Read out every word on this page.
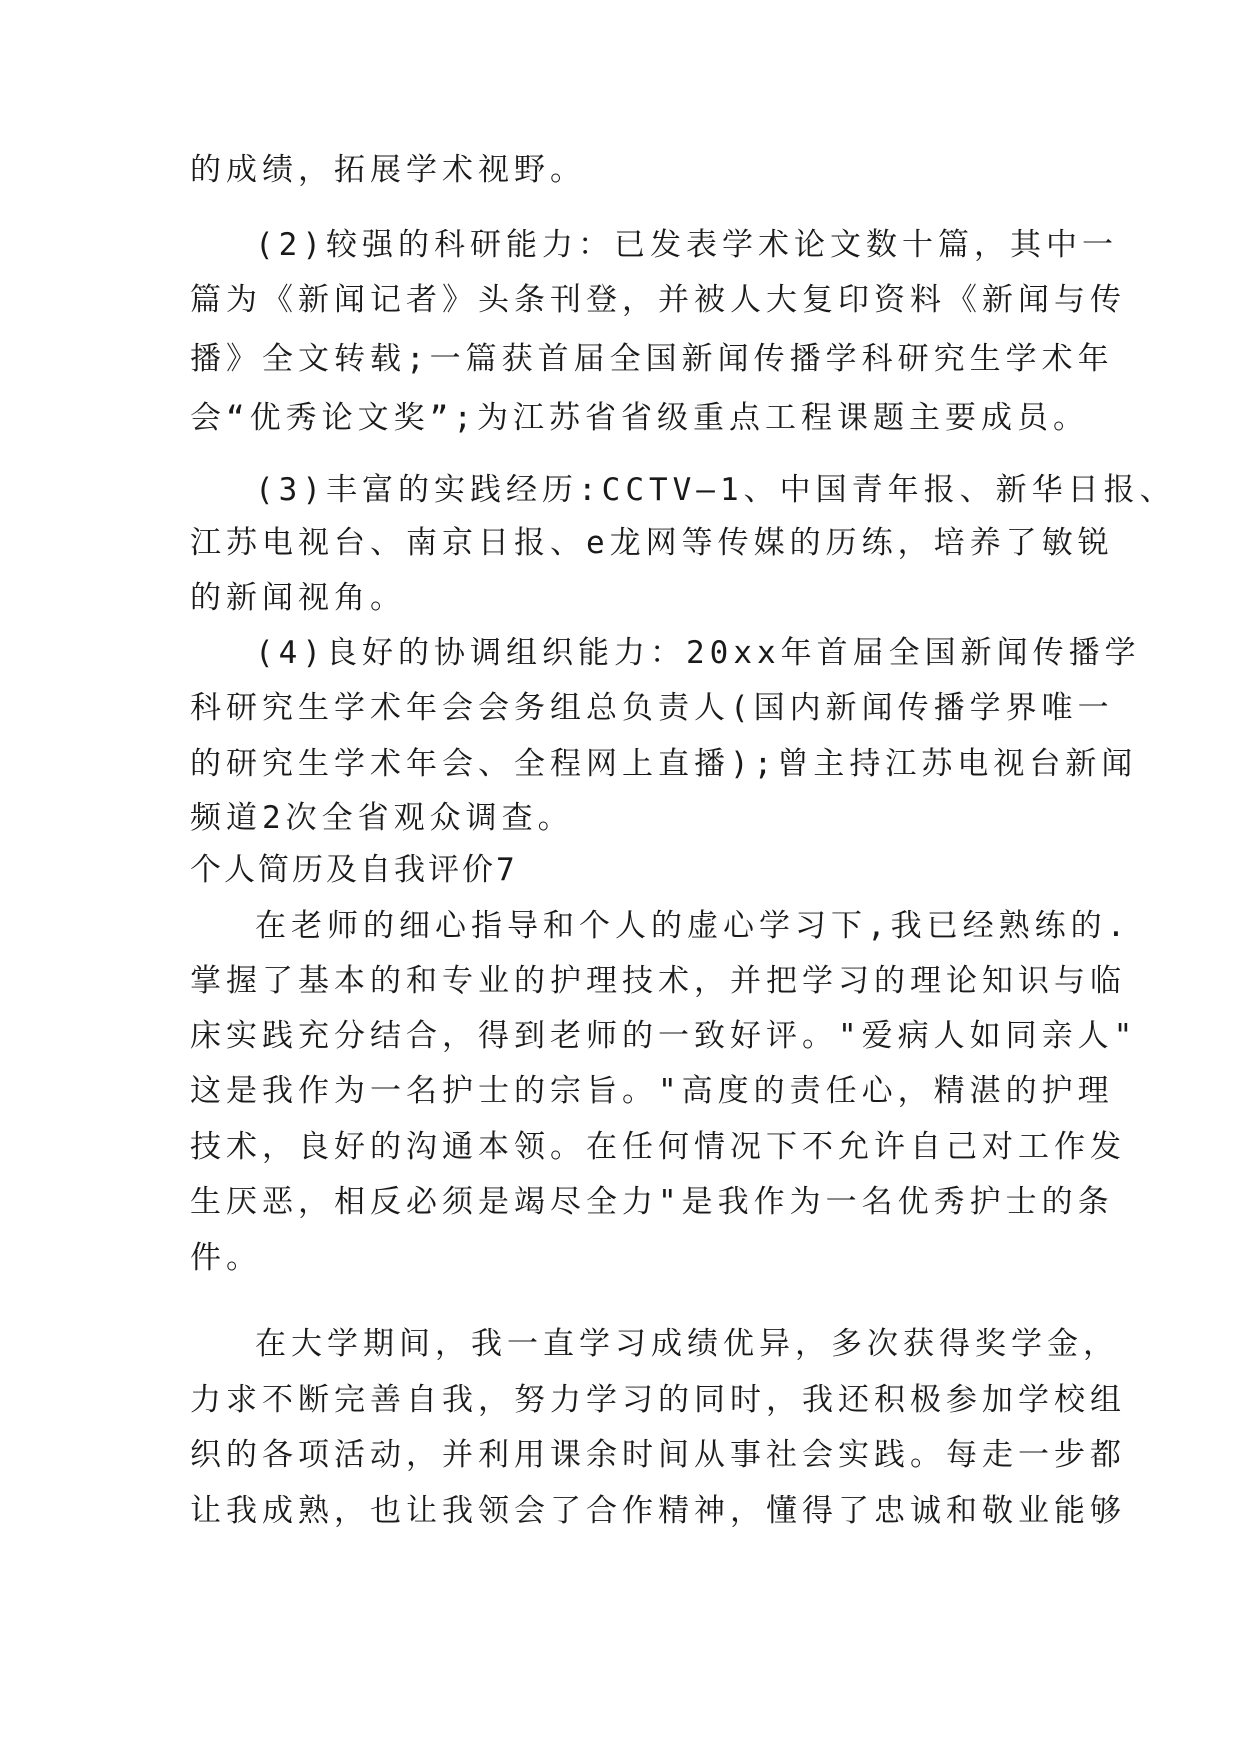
的成绩，拓展学术视野。
(2)较强的科研能力：已发表学术论文数十篇，其中一
篇为《新闻记者》头条刊登，并被人大复印资料《新闻与传
播》全文转载;一篇获首届全国新闻传播学科研究生学术年
会“优秀论文奖”;为江苏省省级重点工程课题主要成员。
(3)丰富的实践经历:CCTV—1、中国青年报、新华日报、
江苏电视台、南京日报、e龙网等传媒的历练，培养了敏锐
的新闻视角。
(4)良好的协调组织能力：20xx年首届全国新闻传播学
科研究生学术年会会务组总负责人(国内新闻传播学界唯一
的研究生学术年会、全程网上直播);曾主持江苏电视台新闻
频道2次全省观众调查。
个人简历及自我评价7
在老师的细心指导和个人的虚心学习下,我已经熟练的.
掌握了基本的和专业的护理技术，并把学习的理论知识与临
床实践充分结合，得到老师的一致好评。"爱病人如同亲人"
这是我作为一名护士的宗旨。"高度的责任心，精湛的护理
技术，良好的沟通本领。在任何情况下不允许自己对工作发
生厌恶，相反必须是竭尽全力"是我作为一名优秀护士的条
件。
在大学期间，我一直学习成绩优异，多次获得奖学金，
力求不断完善自我，努力学习的同时，我还积极参加学校组
织的各项活动，并利用课余时间从事社会实践。每走一步都
让我成熟，也让我领会了合作精神，懂得了忠诚和敬业能够
